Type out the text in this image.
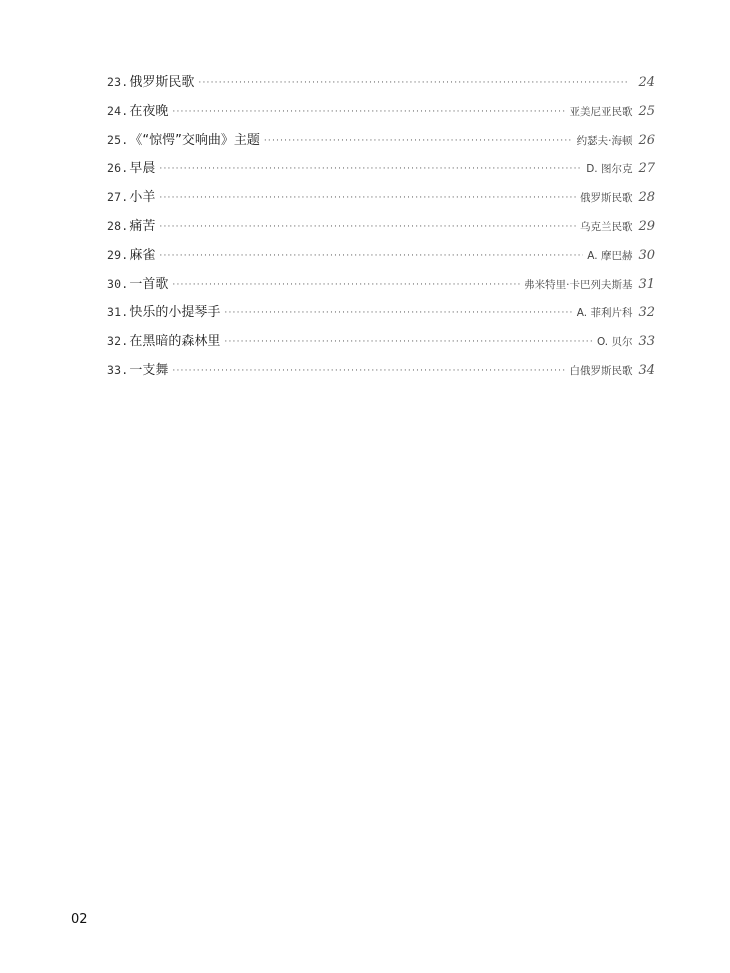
23. 俄罗斯民歌 ·····	24
24. 在夜晚 ·····	亚美尼亚民歌 25
25. 《“惊愕”交响曲》主题 ·····	约瑟夫·海顿 26
26. 早晨 ·····	D. 图尔克 27
27. 小羊 ·····	俄罗斯民歌 28
28. 痛苦 ·····	乌克兰民歌 29
29. 麻雀 ·····	A. 摩巴赫 30
30. 一首歌 ·····	弗米特里·卡巴列夫斯基 31
31. 快乐的小提琴手 ·····	A. 菲利片科 32
32. 在黑暗的森林里 ·····	O. 贝尔 33
33. 一支舞 ·····	白俄罗斯民歌 34
02
